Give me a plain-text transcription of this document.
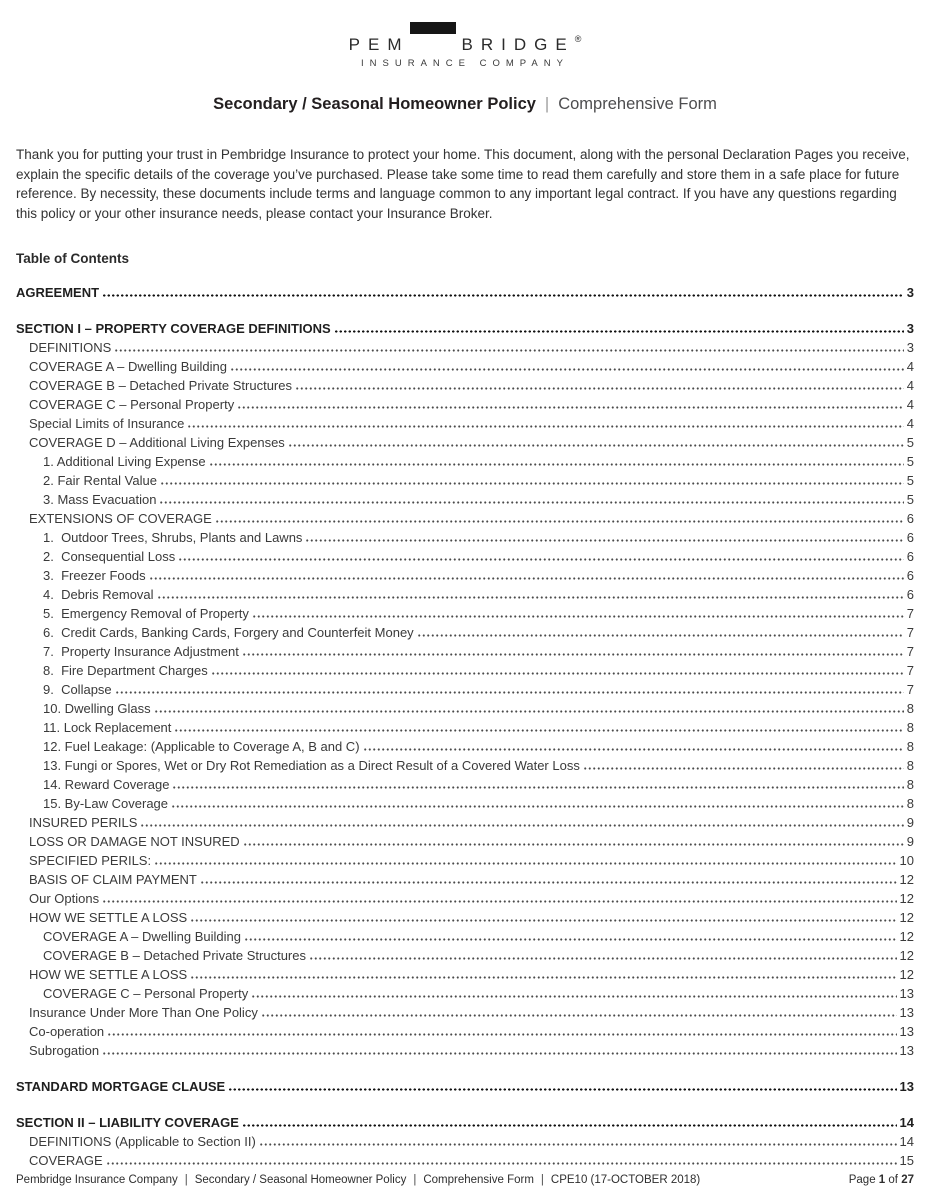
PEM	BRIDGE ®
INSURANCE COMPANY
Secondary / Seasonal Homeowner Policy | Comprehensive Form

Thank you for putting your trust in Pembridge Insurance to protect your home. This document, along with the personal Declaration Pages you receive, explain the specific details of the coverage you’ve purchased. Please take some time to read them carefully and store them in a safe place for future reference. By necessity, these documents include terms and language common to any important legal contract. If you have any questions regarding this policy or your other insurance needs, please contact your Insurance Broker.

Table of Contents
AGREEMENT	3
SECTION I – PROPERTY COVERAGE DEFINITIONS	3
DEFINITIONS	3
COVERAGE A – Dwelling Building	4
COVERAGE B – Detached Private Structures	4
COVERAGE C – Personal Property	4
Special Limits of Insurance	4
COVERAGE D – Additional Living Expenses	5
1. Additional Living Expense	5
2. Fair Rental Value	5
3. Mass Evacuation	5
EXTENSIONS OF COVERAGE	6
1.  Outdoor Trees, Shrubs, Plants and Lawns	6
2.  Consequential Loss	6
3.  Freezer Foods	6
4.  Debris Removal	6
5.  Emergency Removal of Property	7
6.  Credit Cards, Banking Cards, Forgery and Counterfeit Money	7
7.  Property Insurance Adjustment	7
8.  Fire Department Charges	7
9.  Collapse	7
10. Dwelling Glass	8
11. Lock Replacement	8
12. Fuel Leakage: (Applicable to Coverage A, B and C)	8
13. Fungi or Spores, Wet or Dry Rot Remediation as a Direct Result of a Covered Water Loss	8
14. Reward Coverage	8
15. By-Law Coverage	8
INSURED PERILS	9
LOSS OR DAMAGE NOT INSURED	9
SPECIFIED PERILS:	10
BASIS OF CLAIM PAYMENT	12
Our Options	12
HOW WE SETTLE A LOSS	12
COVERAGE A – Dwelling Building	12
COVERAGE B – Detached Private Structures	12
HOW WE SETTLE A LOSS	12
COVERAGE C – Personal Property	13
Insurance Under More Than One Policy	13
Co-operation	13
Subrogation	13
STANDARD MORTGAGE CLAUSE	13
SECTION II – LIABILITY COVERAGE	14
DEFINITIONS (Applicable to Section II)	14
COVERAGE	15
Pembridge Insurance Company | Secondary / Seasonal Homeowner Policy | Comprehensive Form | CPE10 (17-OCTOBER 2018)	Page 1 of 27
